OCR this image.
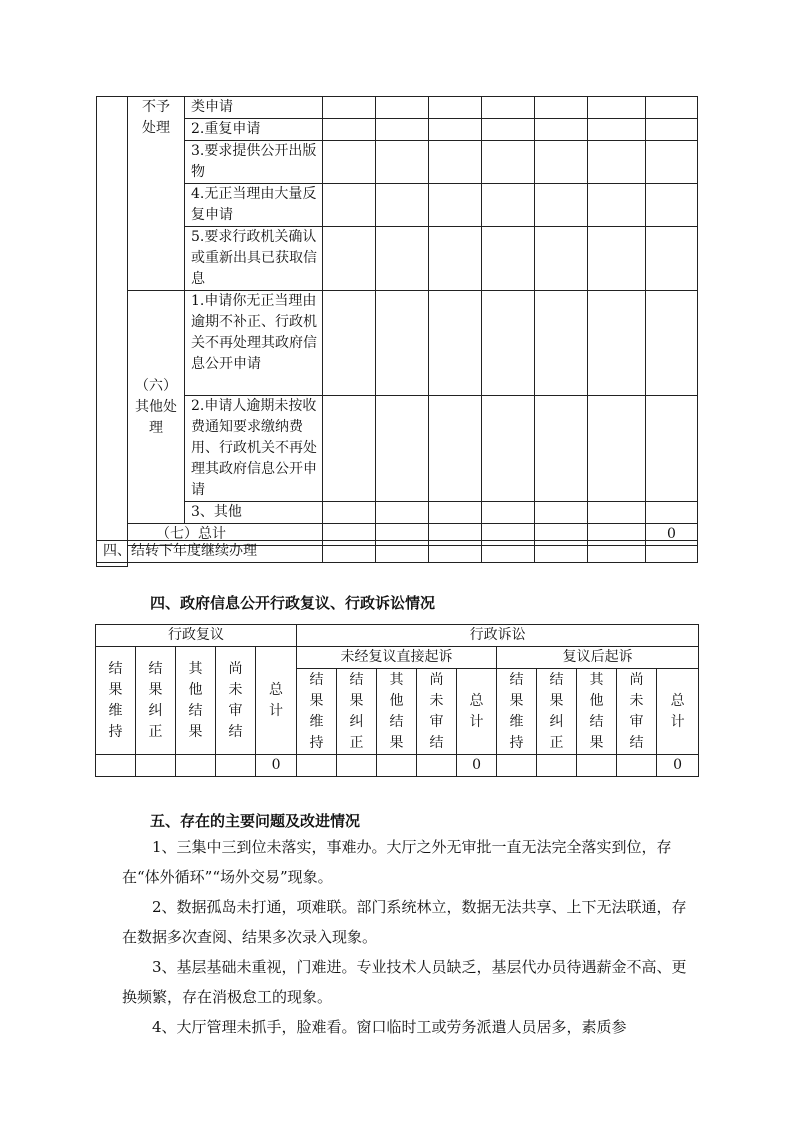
	不予处理	类申请							
		2.重复申请							
		3.要求提供公开出版物							
		4.无正当理由大量反复申请							
		5.要求行政机关确认或重新出具已获取信息							

	（六）其他处理	1.申请你无正当理由逾期不补正、行政机关不再处理其政府信息公开申请							
		2.申请人逾期未按收费通知要求缴纳费用、行政机关不再处理其政府信息公开申请							
		3、其他							
	（七）总计								0

四、结转下年度继续办理							
四、政府信息公开行政复议、行政诉讼情况
行政复议					行政诉讼									
结果维持	结果纠正	其他结果	尚未审结	总计	未经复议直接起诉					复议后起诉				
					结果维持	结果纠正	其他结果	尚未审结	总计	结果维持	结果纠正	其他结果	尚未审结	总计
				0					0					0
五、存在的主要问题及改进情况
1、三集中三到位未落实，事难办。大厅之外无审批一直无法完全落实到位，存在“体外循环”“场外交易”现象。
2、数据孤岛未打通，项难联。部门系统林立，数据无法共享、上下无法联通，存在数据多次查阅、结果多次录入现象。
3、基层基础未重视，门难进。专业技术人员缺乏，基层代办员待遇薪金不高、更换频繁，存在消极怠工的现象。
4、大厅管理未抓手，脸难看。窗口临时工或劳务派遣人员居多，素质参
